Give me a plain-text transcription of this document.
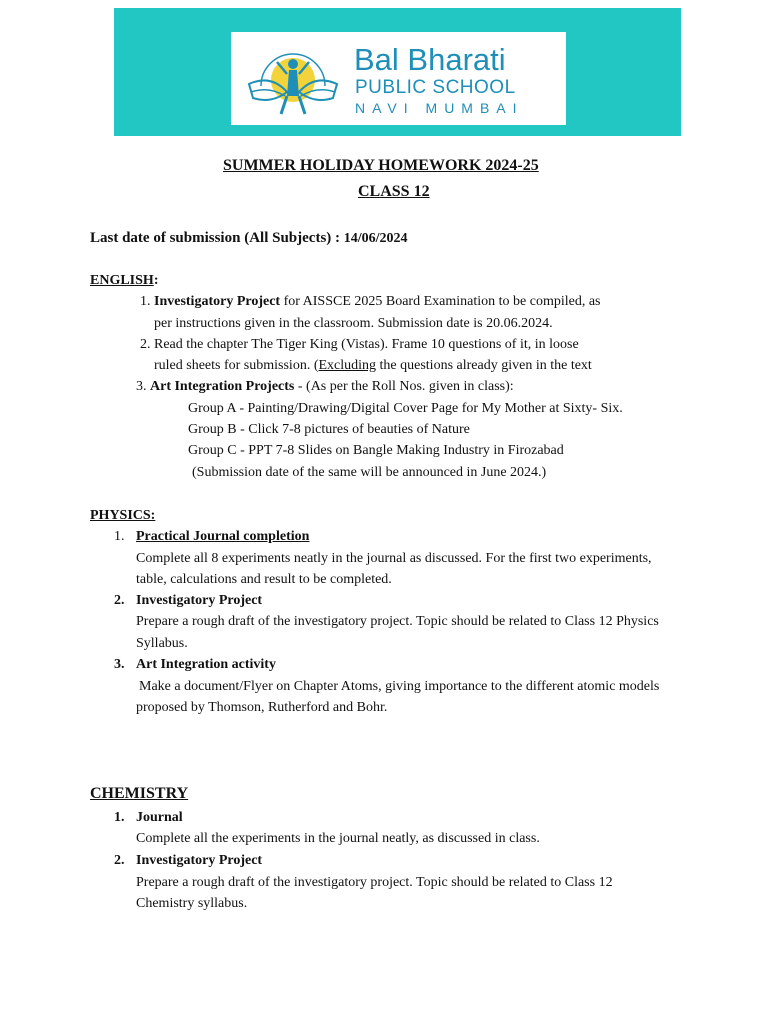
Bal Bharati
PUBLIC SCHOOL
NAVI MUMBAI
SUMMER HOLIDAY HOMEWORK 2024-25
CLASS 12
Last date of submission (All Subjects) : 14/06/2024
ENGLISH:
1. Investigatory Project for AISSCE 2025 Board Examination to be compiled, as
per instructions given in the classroom. Submission date is 20.06.2024.
2. Read the chapter The Tiger King (Vistas). Frame 10 questions of it, in loose
ruled sheets for submission. (Excluding the questions already given in the text
3. Art Integration Projects - (As per the Roll Nos. given in class):
Group A - Painting/Drawing/Digital Cover Page for My Mother at Sixty- Six.
Group B - Click 7-8 pictures of beauties of Nature
Group C - PPT 7-8 Slides on Bangle Making Industry in Firozabad
(Submission date of the same will be announced in June 2024.)
PHYSICS:
1. Practical Journal completion
Complete all 8 experiments neatly in the journal as discussed. For the first two experiments,
table, calculations and result to be completed.
2. Investigatory Project
Prepare a rough draft of the investigatory project. Topic should be related to Class 12 Physics
Syllabus.
3. Art Integration activity
Make a document/Flyer on Chapter Atoms, giving importance to the different atomic models
proposed by Thomson, Rutherford and Bohr.
CHEMISTRY
1. Journal
Complete all the experiments in the journal neatly, as discussed in class.
2. Investigatory Project
Prepare a rough draft of the investigatory project. Topic should be related to Class 12
Chemistry syllabus.
